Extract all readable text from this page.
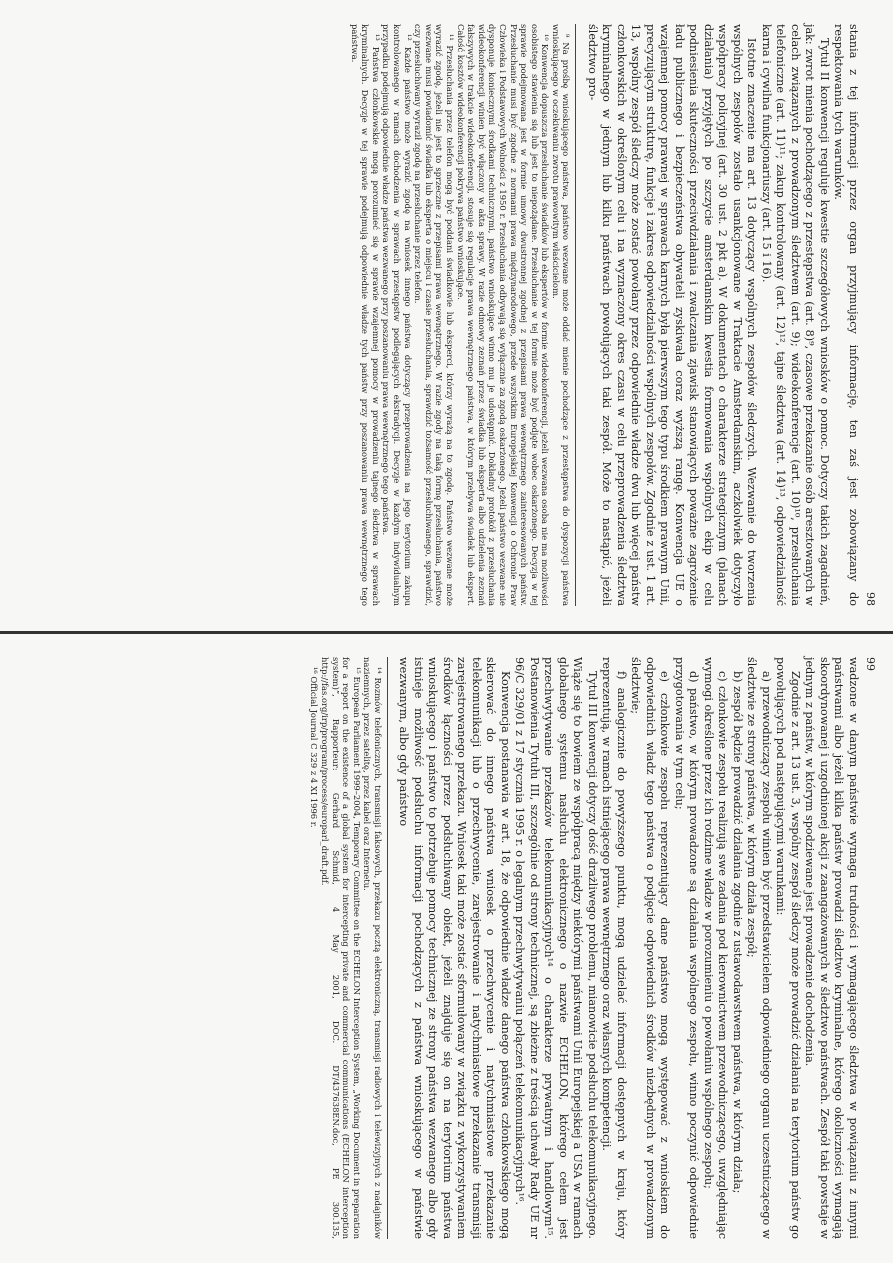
98

stania z tej informacji przez organ przyjmujący informację, ten zaś jest zobowiązany do respektowania tych warunków.

Tytuł II konwencji reguluje kwestie szczegółowych wniosków o pomoc. Dotyczy takich zagadnień, jak: zwrot mienia pochodzącego z przestępstwa (art. 8)⁹, czasowe przekazanie osób aresztowanych w celach związanych z prowadzonym śledztwem (art. 9); wideokonferencje (art. 10)¹⁰, przesłuchania telefoniczne (art. 11)¹¹; zakup kontrolowany (art. 12)¹², tajne śledztwa (art. 14)¹³, odpowiedzialność karna i cywilna funkcjonariuszy (art. 15 i 16).

Istotne znaczenie ma art. 13 dotyczący wspólnych zespołów śledczych. Wezwanie do tworzenia wspólnych zespołów zostało usankcjonowane w Traktacie Amsterdamskim, aczkolwiek dotyczyło współpracy policyjnej (art. 30 ust. 2 pkt a). W dokumentach o charakterze strategicznym (planach działania) przyjętych po szczycie amsterdamskim kwestia formowania wspólnych ekip w celu podniesienia skuteczności przeciwdziałania i zwalczania zjawisk stanowiących poważne zagrożenie ładu publicznego i bezpieczeństwa obywateli zyskiwała coraz wyższą rangę. Konwencja UE o wzajemnej pomocy prawnej w sprawach karnych była pierwszym tego typu środkiem prawnym Unii, precyzującym strukturę, funkcje i zakres odpowiedzialności wspólnych zespołów. Zgodnie z ust. 1 art. 13, wspólny zespół śledczy może zostać powołany przez odpowiednie władze dwu lub więcej państw członkowskich w określonym celu i na wyznaczony okres czasu w celu przeprowadzenia śledztwa kryminalnego w jednym lub kilku państwach powołujących taki zespół. Może to nastąpić, jeżeli śledztwo pro-

⁹ Na prośbę wnioskującego państwa, państwo wezwane może oddać mienie pochodzące z przestępstwa do dyspozycji państwa wnioskującego w oczekiwaniu zwrotu prawowitym właścicielom.

¹⁰ Konwencja dopuszcza przesłuchanie świadków lub ekspertów w formie wideokonferencji, jeżeli wezwana osoba nie ma możliwości osobistego stawienia się lub jest to niepożądane. Przesłuchanie w tej formie może być podjęte wobec oskarżonego. Decyzja w tej sprawie podejmowana jest w formie umowy dwustronnej zgodnej z przepisami prawa wewnętrznego zainteresowanych państw. Przesłuchanie musi być zgodne z normami prawa międzynarodowego, przede wszystkim Europejskiej Konwencji o Ochronie Praw Człowieka i Podstawowych Wolności z 1950 r. Przesłuchania odbywają się wyłącznie za zgodą oskarżonego. Jeżeli państwo wezwane nie dysponuje koniecznymi środkami technicznymi, państwo wnioskujące winno mu je udostępnić. Dokładny protokół z przesłuchania wideokonferencji winien być włączony w akta sprawy. W razie odmowy zeznań przez świadka lub eksperta albo udzielenia zeznań fałszywych w trakcie wideokonferencji, stosuje się regulacje prawa wewnętrznego państwa, w którym przebywa świadek lub ekspert. Całość kosztów wideokonferencji pokrywa państwo wnioskujące.

¹¹ Przesłuchania przez telefon mogą być poddani świadkowie lub eksperci, którzy wyrażą na to zgodę. Państwo wezwane może wyrazić zgodę, jeżeli nie jest to sprzeczne z przepisami prawa wewnętrznego. W razie zgody na taką formę przesłuchania, państwo wezwane musi powiadomić świadka lub eksperta o miejscu i czasie przesłuchania, sprawdzić tożsamość przesłuchiwanego, sprawdzić, czy przesłuchiwany wyraził zgodę na przesłuchanie przez telefon.

¹² Każde państwo może wyrazić zgodę na wniosek innego państwa dotyczący przeprowadzenia na jego terytorium zakupu kontrolowanego w ramach dochodzenia w sprawach przestępstw podlegających ekstradycji. Decyzje w każdym indywidualnym przypadku podejmują odpowiednie władze państwa wezwanego przy poszanowaniu prawa wewnętrznego tego państwa.

¹³ Państwa członkowskie mogą porozumieć się w sprawie wzajemnej pomocy w prowadzeniu tajnego śledztwa w sprawach kryminalnych. Decyzje w tej sprawie podejmują odpowiednie władze tych państw przy poszanowaniu prawa wewnętrznego tego państwa.

99

wadzone w danym państwie wymaga trudności i wymagającego śledztwa w powiązaniu z innymi państwami albo jeżeli kilka państw prowadzi śledztwo kryminalne, którego okoliczności wymagają skoordynowanej i uzgodnionej akcji z zaangażowanych w śledztwo państwach. Zespół taki powstaje w jednym z państw, w którym spodziewane jest prowadzenie dochodzenia.

Zgodnie z art. 13 ust. 3, wspólny zespół śledczy może prowadzić działania na terytorium państw go powołujących pod następującymi warunkami:

a) przewodniczący zespołu winien być przedstawicielem odpowiedniego organu uczestniczącego w śledztwie ze strony państwa, w którym działa zespół;

b) zespół będzie prowadzić działania zgodnie z ustawodawstwem państwa, w którym działa;

c) członkowie zespołu realizują swe zadania pod kierownictwem przewodniczącego, uwzględniając wymogi określone przez ich rodzime władze w porozumieniu o powołaniu wspólnego zespołu;

d) państwo, w którym prowadzone są działania wspólnego zespołu, winno poczynić odpowiednie przygotowania w tym celu;

e) członkowie zespołu reprezentujący dane państwo mogą występować z wnioskiem do odpowiednich władz tego państwa o podjęcie odpowiednich środków niezbędnych w prowadzonym śledztwie;

f) analogicznie do powyższego punktu, mogą udzielać informacji dostępnych w kraju, który reprezentują, w ramach istniejącego prawa wewnętrznego oraz własnych kompetencji.

Tytuł III konwencji dotyczy dość drażliwego problemu, mianowicie podsłuchu telekomunikacyjnego. Wiąże się to bowiem ze współpracą między niektórymi państwami Unii Europejskiej a USA w ramach globalnego systemu nasłuchu elektronicznego o nazwie ECHELON, którego celem jest przechwytywanie przekazów telekomunikacyjnych¹⁴ o charakterze prywatnym i handlowym¹⁵. Postanowienia Tytułu III, szczególnie od strony technicznej, są zbieżne z treścią uchwały Rady UE nr 96/C 329/01 z 17 stycznia 1995 r. o legalnym przechwytywaniu połączeń telekomunikacyjnych¹⁶.

Konwencja postanawia w art. 18, że odpowiednie władze danego państwa członkowskiego mogą skierować do innego państwa wniosek o przechwycenie i natychmiastowe przekazanie telekomunikacji lub o przechwycenie, zarejestrowanie i natychmiastowe przekazanie transmisji zarejestrowanego przekazu. Wniosek taki może zostać sformułowany w związku z wykorzystywaniem środków łączności przez podsłuchiwany obiekt, jeżeli znajduje się on na terytorium państwa wnioskującego i państwo to potrzebuje pomocy technicznej ze strony państwa wezwanego albo gdy istnieje możliwość podsłuchu informacji pochodzących z państwa wnioskującego w państwie wezwanym, albo gdy państwo

¹⁴ Rozmów telefonicznych, transmisji faksowych, przekazu pocztą elektroniczną, transmisji radiowych i telewizyjnych z nadajników naziemnych, przez satelitę, przez kabel oraz Internetu.

¹⁵ European Parliament 1999–2004, Temporary Committee on the ECHELON Interception System, „Working Document in preparation for a report on the existence of a global system for intercepting private and commercial communications (ECHELON interception system)”, Rapporteur: Gerhard Schmid, 4 May 2001, DOC. DT/437638EN.doc, PE 300.135, http://fas.org/irp/program/process/europarl_draft.pdf.

¹⁶ Official Journal C 329 z 4 XI 1996 r.
